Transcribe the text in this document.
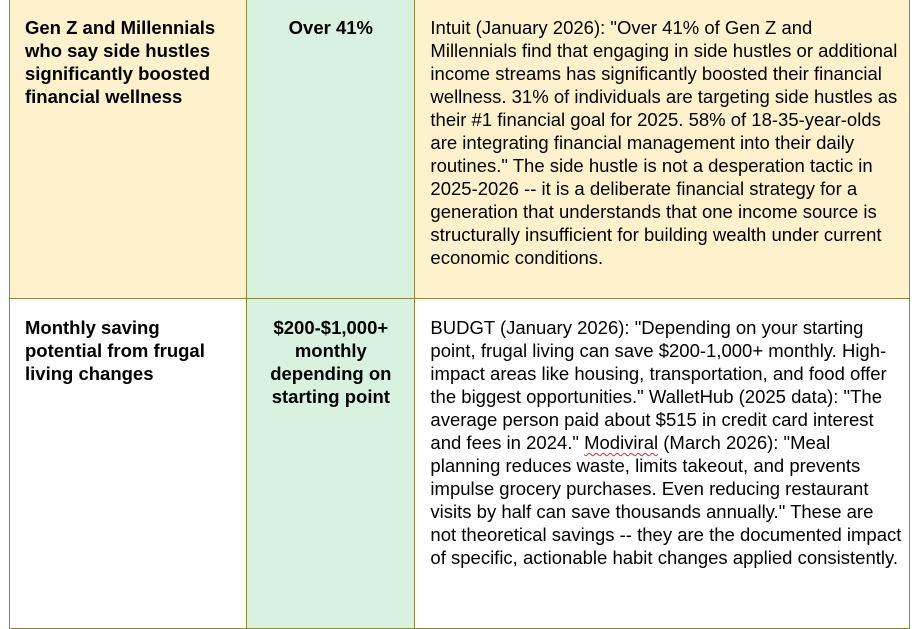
Gen Z and Millennials who say side hustles significantly boosted financial wellness	Over 41%	Intuit (January 2026): "Over 41% of Gen Z and Millennials find that engaging in side hustles or additional income streams has significantly boosted their financial wellness. 31% of individuals are targeting side hustles as their #1 financial goal for 2025. 58% of 18-35-year-olds are integrating financial management into their daily routines." The side hustle is not a desperation tactic in 2025-2026 -- it is a deliberate financial strategy for a generation that understands that one income source is structurally insufficient for building wealth under current economic conditions.
Monthly saving potential from frugal living changes	$200-$1,000+ monthly depending on starting point	BUDGT (January 2026): "Depending on your starting point, frugal living can save $200-1,000+ monthly. High-impact areas like housing, transportation, and food offer the biggest opportunities." WalletHub (2025 data): "The average person paid about $515 in credit card interest and fees in 2024." Modiviral (March 2026): "Meal planning reduces waste, limits takeout, and prevents impulse grocery purchases. Even reducing restaurant visits by half can save thousands annually." These are not theoretical savings -- they are the documented impact of specific, actionable habit changes applied consistently.
